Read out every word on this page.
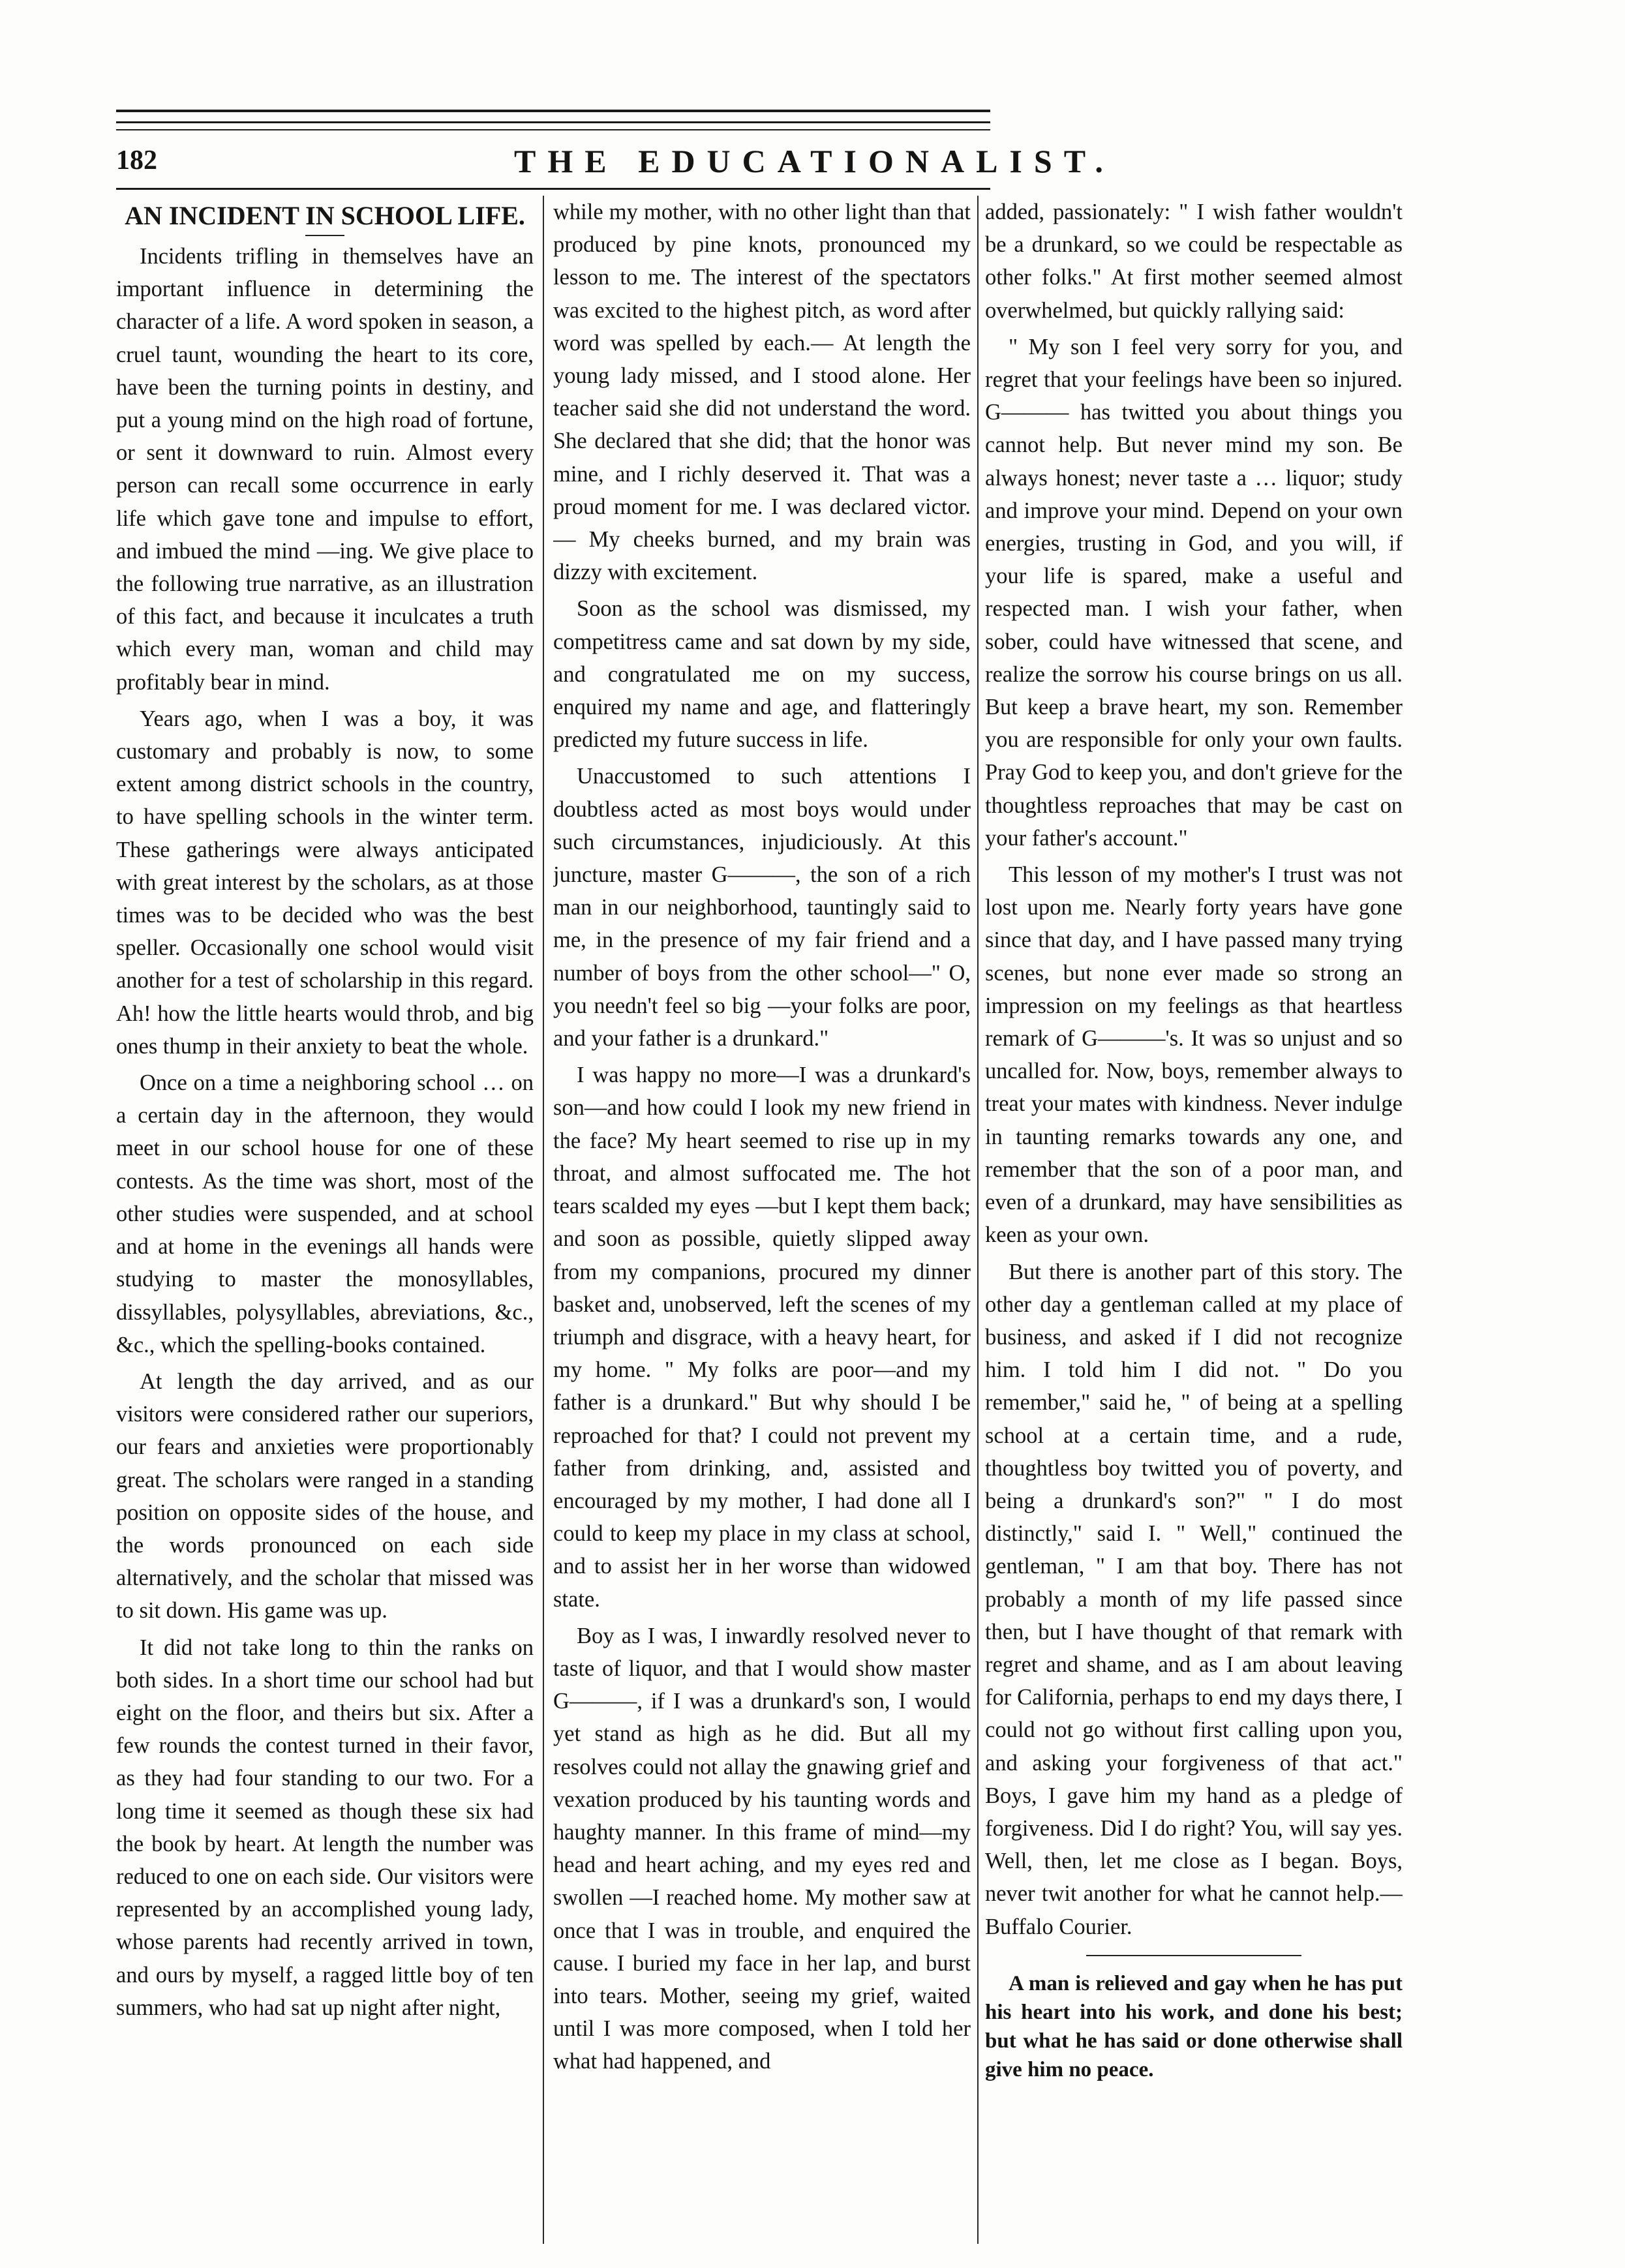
182	THE EDUCATIONALIST.
AN INCIDENT IN SCHOOL LIFE.

Incidents trifling in themselves have an important influence in determining the character of a life. A word spoken in season, a cruel taunt, wounding the heart to its core, have been the turning points in destiny, and put a young mind on the high road of fortune, or sent it downward to ruin. Almost every person can recall some occurrence in early life which gave tone and impulse to effort, and imbued the mind —ing. We give place to the following true narrative, as an illustration of this fact, and because it inculcates a truth which every man, woman and child may profitably bear in mind.

Years ago, when I was a boy, it was customary and probably is now, to some extent among district schools in the country, to have spelling schools in the winter term. These gatherings were always anticipated with great interest by the scholars, as at those times was to be decided who was the best speller. Occasionally one school would visit another for a test of scholarship in this regard. Ah! how the little hearts would throb, and big ones thump in their anxiety to beat the whole.

Once on a time a neighboring school … on a certain day in the afternoon, they would meet in our school house for one of these contests. As the time was short, most of the other studies were suspended, and at school and at home in the evenings all hands were studying to master the monosyllables, dissyllables, polysyllables, abreviations, &c., &c., which the spelling-books contained.

At length the day arrived, and as our visitors were considered rather our superiors, our fears and anxieties were proportionably great. The scholars were ranged in a standing position on opposite sides of the house, and the words pronounced on each side alternatively, and the scholar that missed was to sit down. His game was up.

It did not take long to thin the ranks on both sides. In a short time our school had but eight on the floor, and theirs but six. After a few rounds the contest turned in their favor, as they had four standing to our two. For a long time it seemed as though these six had the book by heart. At length the number was reduced to one on each side. Our visitors were represented by an accomplished young lady, whose parents had recently arrived in town, and ours by myself, a ragged little boy of ten summers, who had sat up night after night,

while my mother, with no other light than that produced by pine knots, pronounced my lesson to me. The interest of the spectators was excited to the highest pitch, as word after word was spelled by each.— At length the young lady missed, and I stood alone. Her teacher said she did not understand the word. She declared that she did; that the honor was mine, and I richly deserved it. That was a proud moment for me. I was declared victor.— My cheeks burned, and my brain was dizzy with excitement.

Soon as the school was dismissed, my competitress came and sat down by my side, and congratulated me on my success, enquired my name and age, and flatteringly predicted my future success in life.

Unaccustomed to such attentions I doubtless acted as most boys would under such circumstances, injudiciously. At this juncture, master G———, the son of a rich man in our neighborhood, tauntingly said to me, in the presence of my fair friend and a number of boys from the other school—" O, you needn't feel so big —your folks are poor, and your father is a drunkard."

I was happy no more—I was a drunkard's son—and how could I look my new friend in the face? My heart seemed to rise up in my throat, and almost suffocated me. The hot tears scalded my eyes —but I kept them back; and soon as possible, quietly slipped away from my companions, procured my dinner basket and, unobserved, left the scenes of my triumph and disgrace, with a heavy heart, for my home. " My folks are poor—and my father is a drunkard." But why should I be reproached for that? I could not prevent my father from drinking, and, assisted and encouraged by my mother, I had done all I could to keep my place in my class at school, and to assist her in her worse than widowed state.

Boy as I was, I inwardly resolved never to taste of liquor, and that I would show master G———, if I was a drunkard's son, I would yet stand as high as he did. But all my resolves could not allay the gnawing grief and vexation produced by his taunting words and haughty manner. In this frame of mind—my head and heart aching, and my eyes red and swollen —I reached home. My mother saw at once that I was in trouble, and enquired the cause. I buried my face in her lap, and burst into tears. Mother, seeing my grief, waited until I was more composed, when I told her what had happened, and

added, passionately: " I wish father wouldn't be a drunkard, so we could be respectable as other folks." At first mother seemed almost overwhelmed, but quickly rallying said:

" My son I feel very sorry for you, and regret that your feelings have been so injured. G——— has twitted you about things you cannot help. But never mind my son. Be always honest; never taste a … liquor; study and improve your mind. Depend on your own energies, trusting in God, and you will, if your life is spared, make a useful and respected man. I wish your father, when sober, could have witnessed that scene, and realize the sorrow his course brings on us all. But keep a brave heart, my son. Remember you are responsible for only your own faults. Pray God to keep you, and don't grieve for the thoughtless reproaches that may be cast on your father's account."

This lesson of my mother's I trust was not lost upon me. Nearly forty years have gone since that day, and I have passed many trying scenes, but none ever made so strong an impression on my feelings as that heartless remark of G———'s. It was so unjust and so uncalled for. Now, boys, remember always to treat your mates with kindness. Never indulge in taunting remarks towards any one, and remember that the son of a poor man, and even of a drunkard, may have sensibilities as keen as your own.

But there is another part of this story. The other day a gentleman called at my place of business, and asked if I did not recognize him. I told him I did not. " Do you remember," said he, " of being at a spelling school at a certain time, and a rude, thoughtless boy twitted you of poverty, and being a drunkard's son?" " I do most distinctly," said I. " Well," continued the gentleman, " I am that boy. There has not probably a month of my life passed since then, but I have thought of that remark with regret and shame, and as I am about leaving for California, perhaps to end my days there, I could not go without first calling upon you, and asking your forgiveness of that act." Boys, I gave him my hand as a pledge of forgiveness. Did I do right? You, will say yes. Well, then, let me close as I began. Boys, never twit another for what he cannot help.—Buffalo Courier.

A man is relieved and gay when he has put his heart into his work, and done his best; but what he has said or done otherwise shall give him no peace.
